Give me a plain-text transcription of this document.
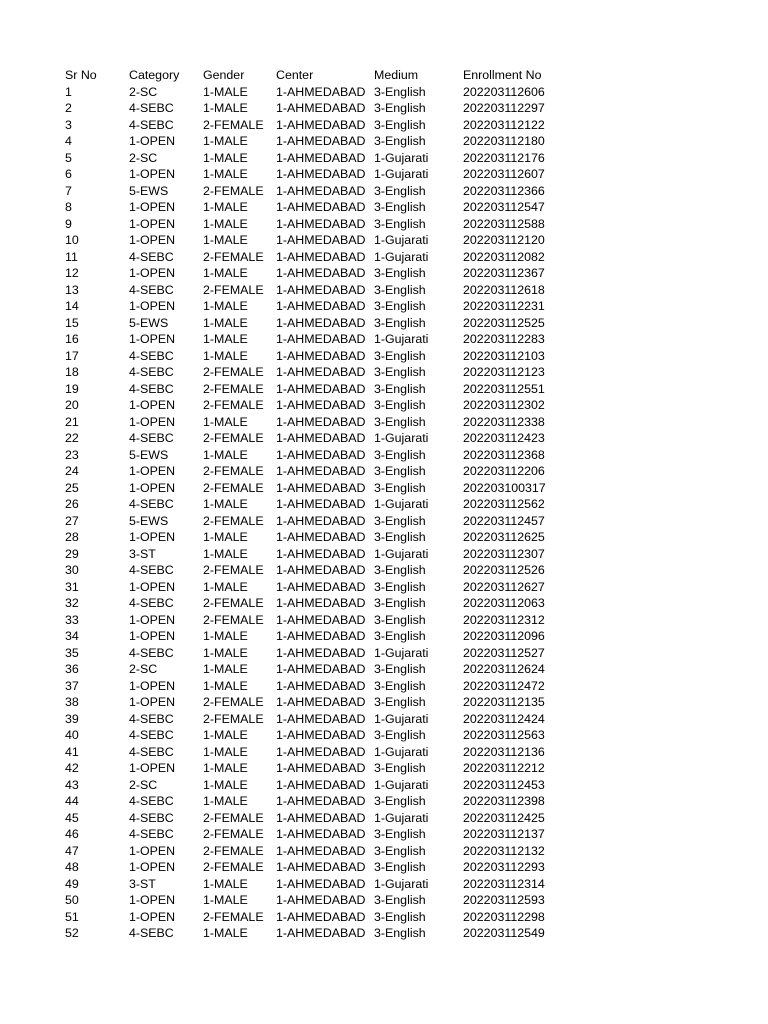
Sr No	Category	Gender	Center	Medium	Enrollment No
1	2-SC	1-MALE	1-AHMEDABAD	3-English	202203112606
2	4-SEBC	1-MALE	1-AHMEDABAD	3-English	202203112297
3	4-SEBC	2-FEMALE	1-AHMEDABAD	3-English	202203112122
4	1-OPEN	1-MALE	1-AHMEDABAD	3-English	202203112180
5	2-SC	1-MALE	1-AHMEDABAD	1-Gujarati	202203112176
6	1-OPEN	1-MALE	1-AHMEDABAD	1-Gujarati	202203112607
7	5-EWS	2-FEMALE	1-AHMEDABAD	3-English	202203112366
8	1-OPEN	1-MALE	1-AHMEDABAD	3-English	202203112547
9	1-OPEN	1-MALE	1-AHMEDABAD	3-English	202203112588
10	1-OPEN	1-MALE	1-AHMEDABAD	1-Gujarati	202203112120
11	4-SEBC	2-FEMALE	1-AHMEDABAD	1-Gujarati	202203112082
12	1-OPEN	1-MALE	1-AHMEDABAD	3-English	202203112367
13	4-SEBC	2-FEMALE	1-AHMEDABAD	3-English	202203112618
14	1-OPEN	1-MALE	1-AHMEDABAD	3-English	202203112231
15	5-EWS	1-MALE	1-AHMEDABAD	3-English	202203112525
16	1-OPEN	1-MALE	1-AHMEDABAD	1-Gujarati	202203112283
17	4-SEBC	1-MALE	1-AHMEDABAD	3-English	202203112103
18	4-SEBC	2-FEMALE	1-AHMEDABAD	3-English	202203112123
19	4-SEBC	2-FEMALE	1-AHMEDABAD	3-English	202203112551
20	1-OPEN	2-FEMALE	1-AHMEDABAD	3-English	202203112302
21	1-OPEN	1-MALE	1-AHMEDABAD	3-English	202203112338
22	4-SEBC	2-FEMALE	1-AHMEDABAD	1-Gujarati	202203112423
23	5-EWS	1-MALE	1-AHMEDABAD	3-English	202203112368
24	1-OPEN	2-FEMALE	1-AHMEDABAD	3-English	202203112206
25	1-OPEN	2-FEMALE	1-AHMEDABAD	3-English	202203100317
26	4-SEBC	1-MALE	1-AHMEDABAD	1-Gujarati	202203112562
27	5-EWS	2-FEMALE	1-AHMEDABAD	3-English	202203112457
28	1-OPEN	1-MALE	1-AHMEDABAD	3-English	202203112625
29	3-ST	1-MALE	1-AHMEDABAD	1-Gujarati	202203112307
30	4-SEBC	2-FEMALE	1-AHMEDABAD	3-English	202203112526
31	1-OPEN	1-MALE	1-AHMEDABAD	3-English	202203112627
32	4-SEBC	2-FEMALE	1-AHMEDABAD	3-English	202203112063
33	1-OPEN	2-FEMALE	1-AHMEDABAD	3-English	202203112312
34	1-OPEN	1-MALE	1-AHMEDABAD	3-English	202203112096
35	4-SEBC	1-MALE	1-AHMEDABAD	1-Gujarati	202203112527
36	2-SC	1-MALE	1-AHMEDABAD	3-English	202203112624
37	1-OPEN	1-MALE	1-AHMEDABAD	3-English	202203112472
38	1-OPEN	2-FEMALE	1-AHMEDABAD	3-English	202203112135
39	4-SEBC	2-FEMALE	1-AHMEDABAD	1-Gujarati	202203112424
40	4-SEBC	1-MALE	1-AHMEDABAD	3-English	202203112563
41	4-SEBC	1-MALE	1-AHMEDABAD	1-Gujarati	202203112136
42	1-OPEN	1-MALE	1-AHMEDABAD	3-English	202203112212
43	2-SC	1-MALE	1-AHMEDABAD	1-Gujarati	202203112453
44	4-SEBC	1-MALE	1-AHMEDABAD	3-English	202203112398
45	4-SEBC	2-FEMALE	1-AHMEDABAD	1-Gujarati	202203112425
46	4-SEBC	2-FEMALE	1-AHMEDABAD	3-English	202203112137
47	1-OPEN	2-FEMALE	1-AHMEDABAD	3-English	202203112132
48	1-OPEN	2-FEMALE	1-AHMEDABAD	3-English	202203112293
49	3-ST	1-MALE	1-AHMEDABAD	1-Gujarati	202203112314
50	1-OPEN	1-MALE	1-AHMEDABAD	3-English	202203112593
51	1-OPEN	2-FEMALE	1-AHMEDABAD	3-English	202203112298
52	4-SEBC	1-MALE	1-AHMEDABAD	3-English	202203112549
